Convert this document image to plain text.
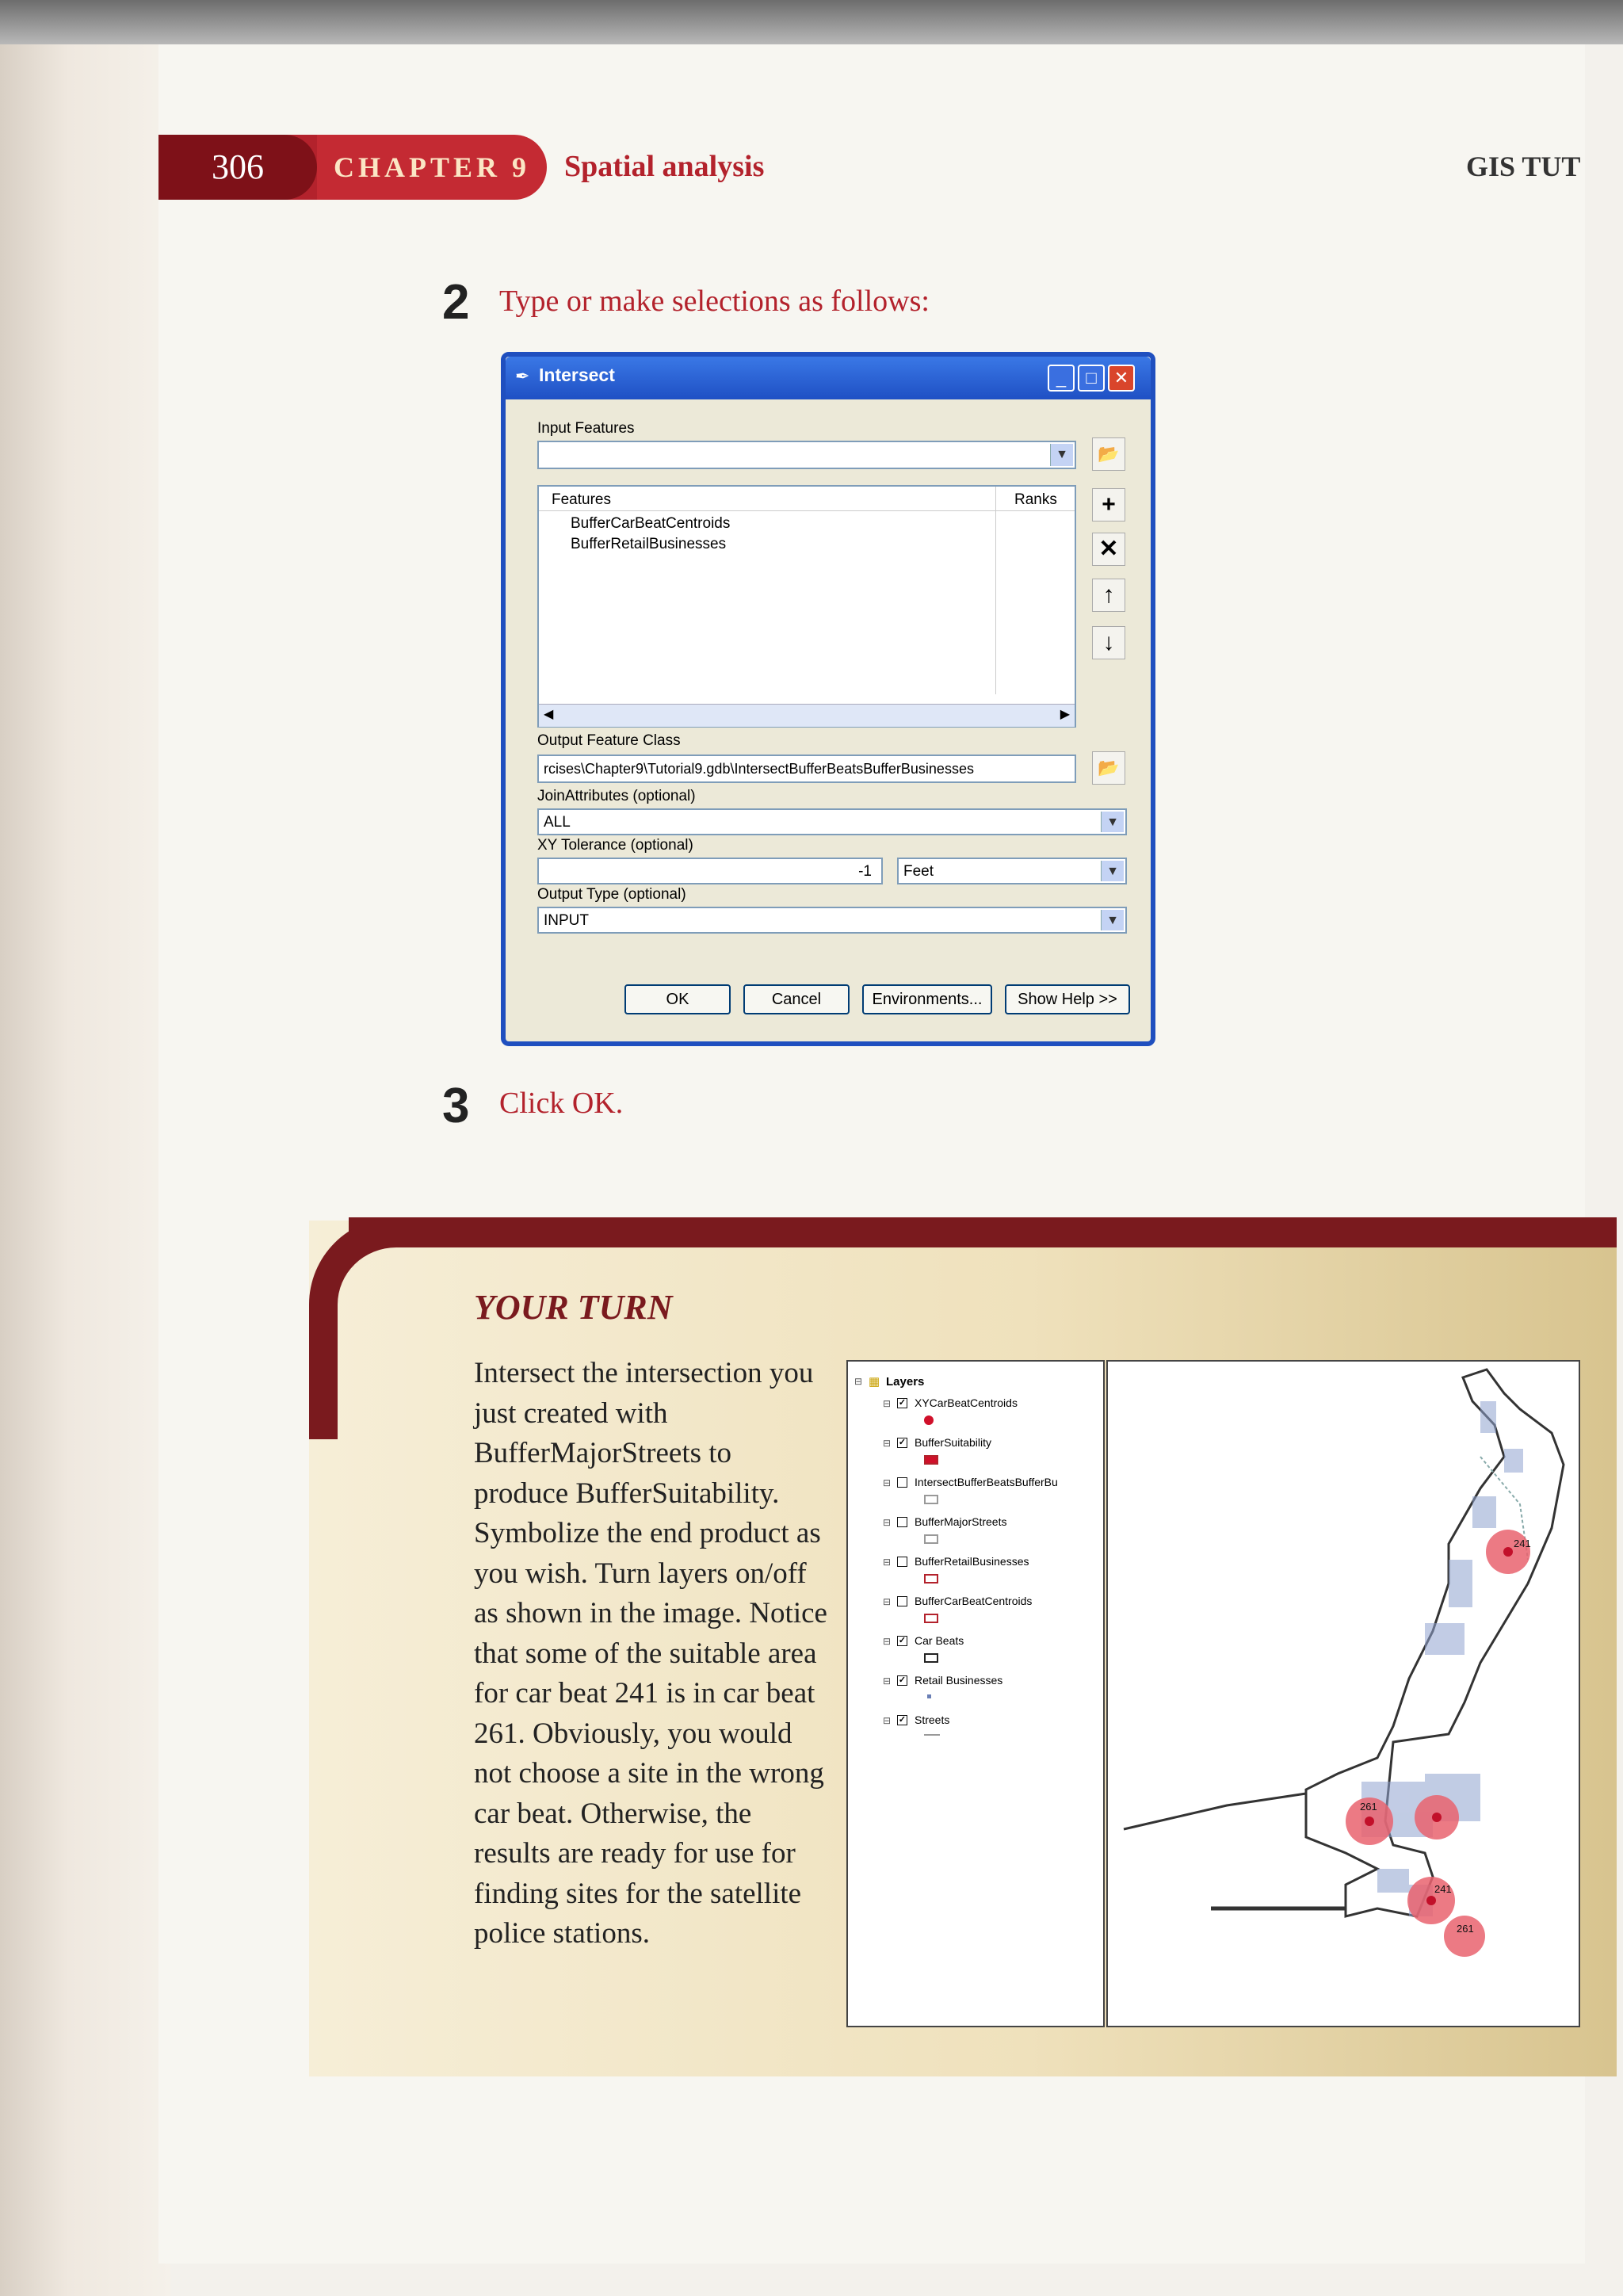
CHAPTER 9
306	Spatial analysis	GIS TUT
2 Type or make selections as follows:
✒ Intersect	_	□	✕
Input Features
▼	📂
Features	Ranks
BufferCarBeatCentroids
BufferRetailBusinesses
◀	▶
+
✕
↑
↓
Output Feature Class
rcises\Chapter9\Tutorial9.gdb\IntersectBufferBeatsBufferBusinesses	📂
JoinAttributes (optional)
ALL	▼
XY Tolerance (optional)
-1 Feet	▼
Output Type (optional)
INPUT	▼
OK	Cancel	Environments...	Show Help >>
3 Click OK.
YOUR TURN
Intersect the intersection you just created with BufferMajorStreets to produce BufferSuitability. Symbolize the end product as you wish. Turn layers on/off as shown in the image. Notice that some of the suitable area for car beat 241 is in car beat 261. Obviously, you would not choose a site in the wrong car beat. Otherwise, the results are ready for use for finding sites for the satellite police stations.
⊟ ▦ Layers
⊟ ✓ XYCarBeatCentroids
⊟ ✓ BufferSuitability
⊟ IntersectBufferBeatsBufferBu
⊟ BufferMajorStreets
⊟ BufferRetailBusinesses
⊟ BufferCarBeatCentroids
⊟ ✓ Car Beats
⊟ ✓ Retail Businesses
⊟ ✓ Streets
241
261
241
261
